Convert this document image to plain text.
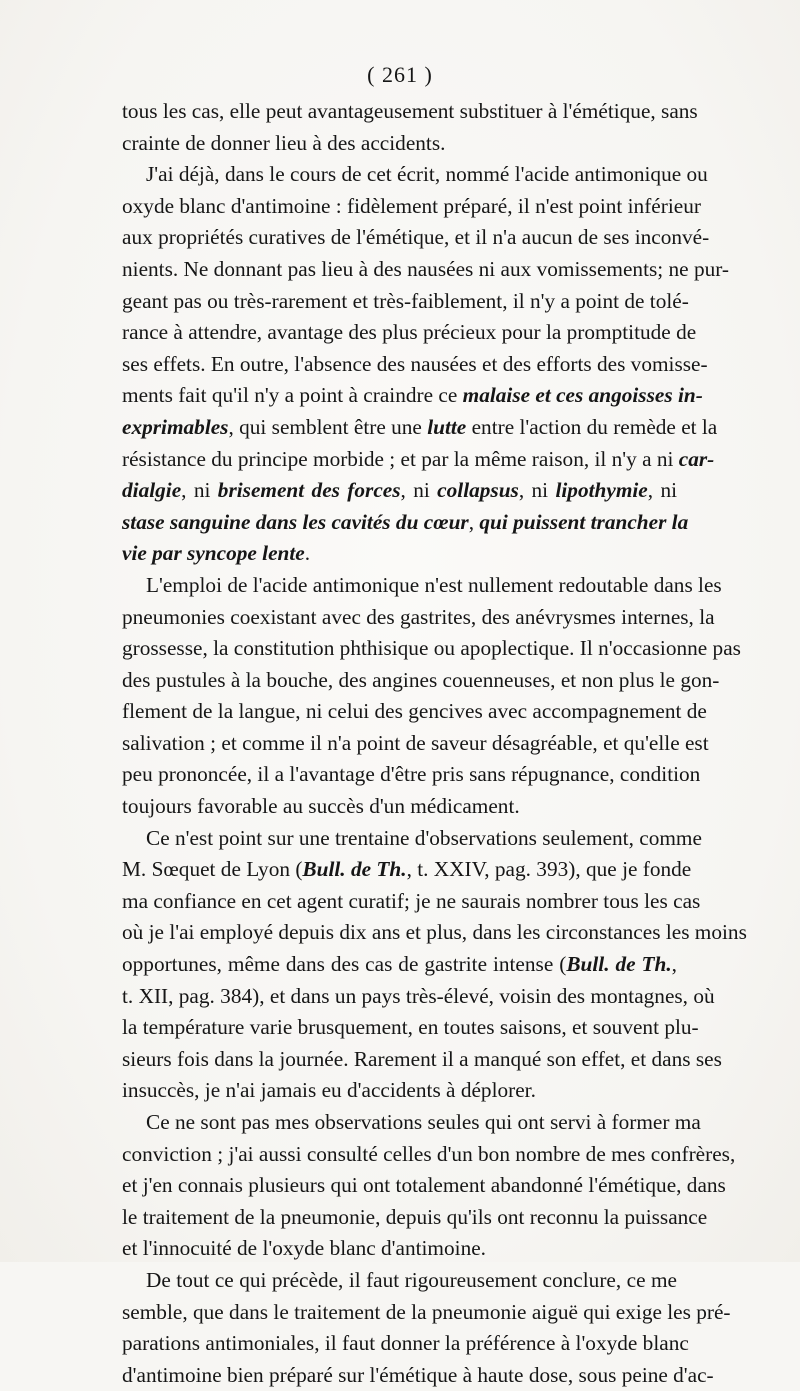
( 261 )
tous les cas, elle peut avantageusement substituer à l'émétique, sans
crainte de donner lieu à des accidents.
J'ai déjà, dans le cours de cet écrit, nommé l'acide antimonique ou
oxyde blanc d'antimoine : fidèlement préparé, il n'est point inférieur
aux propriétés curatives de l'émétique, et il n'a aucun de ses inconvé-
nients. Ne donnant pas lieu à des nausées ni aux vomissements; ne pur-
geant pas ou très-rarement et très-faiblement, il n'y a point de tolé-
rance à attendre, avantage des plus précieux pour la promptitude de
ses effets. En outre, l'absence des nausées et des efforts des vomisse-
ments fait qu'il n'y a point à craindre ce malaise et ces angoisses in-
exprimables, qui semblent être une lutte entre l'action du remède et la
résistance du principe morbide ; et par la même raison, il n'y a ni car-
dialgie, ni brisement des forces, ni collapsus, ni lipothymie, ni
stase sanguine dans les cavités du cœur, qui puissent trancher la
vie par syncope lente.
L'emploi de l'acide antimonique n'est nullement redoutable dans les
pneumonies coexistant avec des gastrites, des anévrysmes internes, la
grossesse, la constitution phthisique ou apoplectique. Il n'occasionne pas
des pustules à la bouche, des angines couenneuses, et non plus le gon-
flement de la langue, ni celui des gencives avec accompagnement de
salivation ; et comme il n'a point de saveur désagréable, et qu'elle est
peu prononcée, il a l'avantage d'être pris sans répugnance, condition
toujours favorable au succès d'un médicament.
Ce n'est point sur une trentaine d'observations seulement, comme
M. Sœquet de Lyon (Bull. de Th., t. XXIV, pag. 393), que je fonde
ma confiance en cet agent curatif; je ne saurais nombrer tous les cas
où je l'ai employé depuis dix ans et plus, dans les circonstances les moins
opportunes, même dans des cas de gastrite intense (Bull. de Th.,
t. XII, pag. 384), et dans un pays très-élevé, voisin des montagnes, où
la température varie brusquement, en toutes saisons, et souvent plu-
sieurs fois dans la journée. Rarement il a manqué son effet, et dans ses
insuccès, je n'ai jamais eu d'accidents à déplorer.
Ce ne sont pas mes observations seules qui ont servi à former ma
conviction ; j'ai aussi consulté celles d'un bon nombre de mes confrères,
et j'en connais plusieurs qui ont totalement abandonné l'émétique, dans
le traitement de la pneumonie, depuis qu'ils ont reconnu la puissance
et l'innocuité de l'oxyde blanc d'antimoine.
De tout ce qui précède, il faut rigoureusement conclure, ce me
semble, que dans le traitement de la pneumonie aiguë qui exige les pré-
parations antimoniales, il faut donner la préférence à l'oxyde blanc
d'antimoine bien préparé sur l'émétique à haute dose, sous peine d'ac-
